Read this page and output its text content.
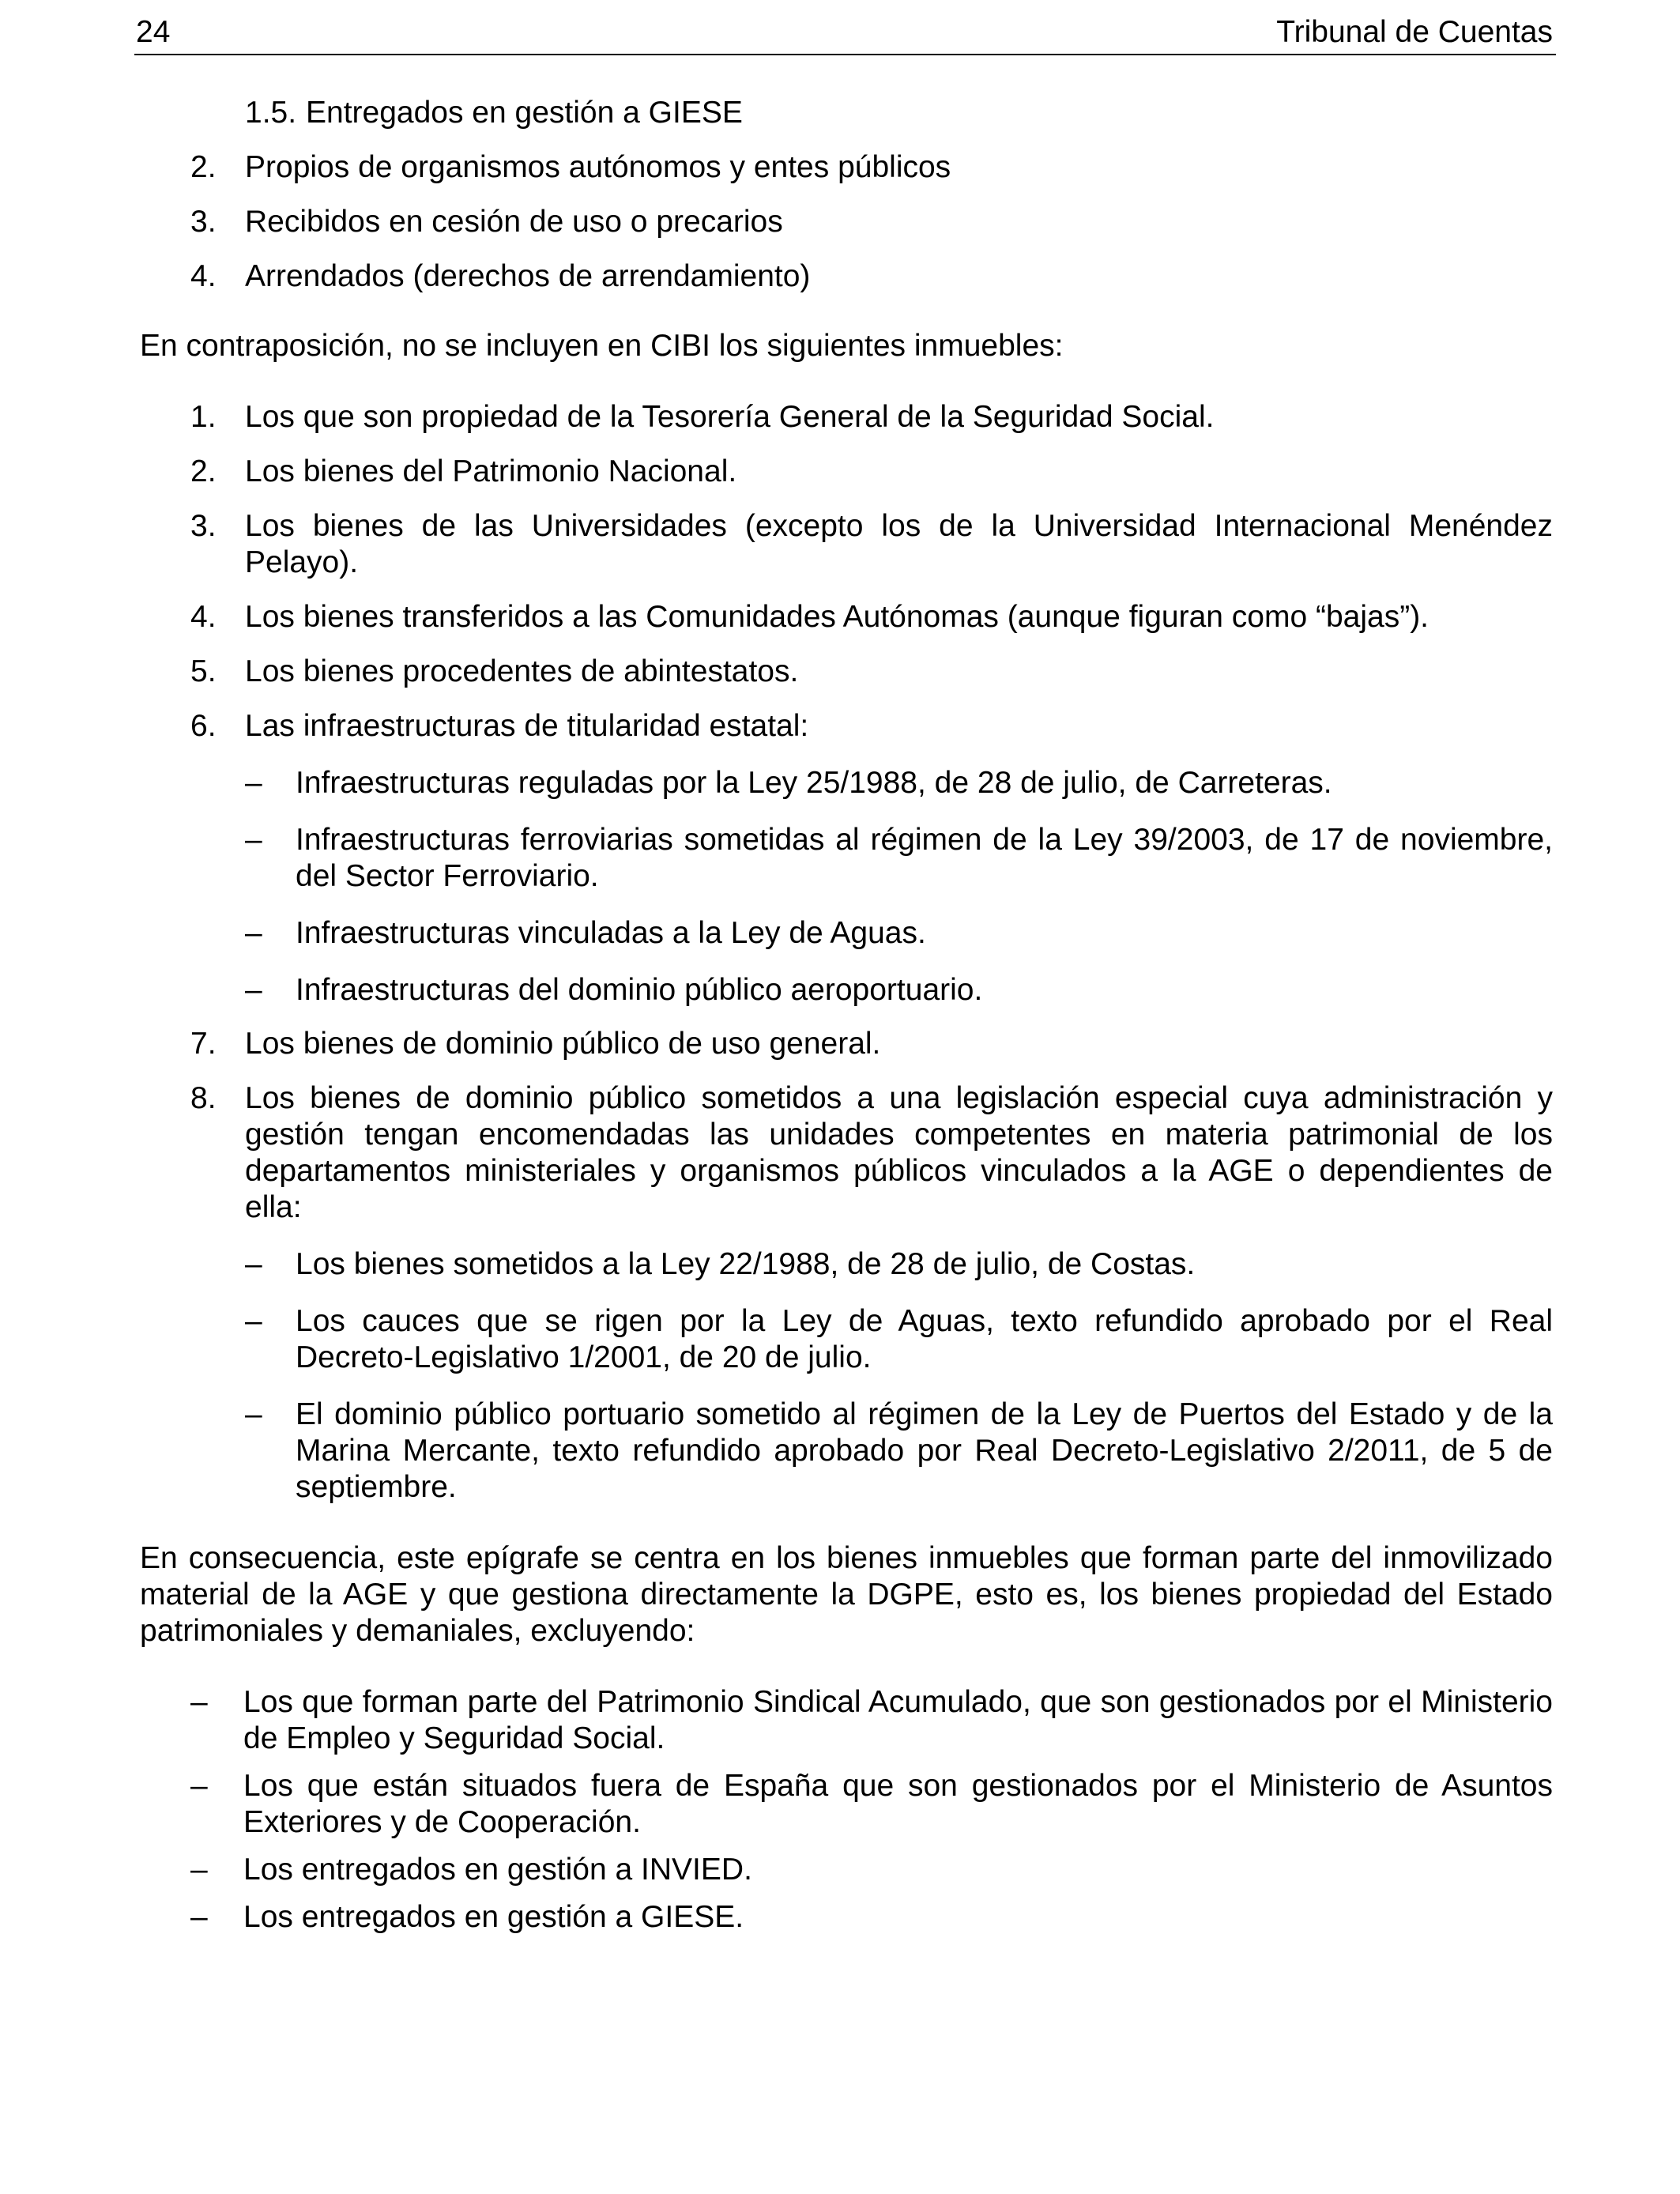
24	Tribunal de Cuentas
1.5. Entregados en gestión a GIESE
2. Propios de organismos autónomos y entes públicos
3. Recibidos en cesión de uso o precarios
4. Arrendados (derechos de arrendamiento)

En contraposición, no se incluyen en CIBI los siguientes inmuebles:

1. Los que son propiedad de la Tesorería General de la Seguridad Social.
2. Los bienes del Patrimonio Nacional.
3. Los bienes de las Universidades (excepto los de la Universidad Internacional Menéndez Pelayo).
4. Los bienes transferidos a las Comunidades Autónomas (aunque figuran como “bajas”).
5. Los bienes procedentes de abintestatos.
6. Las infraestructuras de titularidad estatal:
– Infraestructuras reguladas por la Ley 25/1988, de 28 de julio, de Carreteras.
– Infraestructuras ferroviarias sometidas al régimen de la Ley 39/2003, de 17 de noviembre, del Sector Ferroviario.
– Infraestructuras vinculadas a la Ley de Aguas.
– Infraestructuras del dominio público aeroportuario.
7. Los bienes de dominio público de uso general.
8. Los bienes de dominio público sometidos a una legislación especial cuya administración y gestión tengan encomendadas las unidades competentes en materia patrimonial de los departamentos ministeriales y organismos públicos vinculados a la AGE o dependientes de ella:
– Los bienes sometidos a la Ley 22/1988, de 28 de julio, de Costas.
– Los cauces que se rigen por la Ley de Aguas, texto refundido aprobado por el Real Decreto-Legislativo 1/2001, de 20 de julio.
– El dominio público portuario sometido al régimen de la Ley de Puertos del Estado y de la Marina Mercante, texto refundido aprobado por Real Decreto-Legislativo 2/2011, de 5 de septiembre.

En consecuencia, este epígrafe se centra en los bienes inmuebles que forman parte del inmovilizado material de la AGE y que gestiona directamente la DGPE, esto es, los bienes propiedad del Estado patrimoniales y demaniales, excluyendo:

– Los que forman parte del Patrimonio Sindical Acumulado, que son gestionados por el Ministerio de Empleo y Seguridad Social.
– Los que están situados fuera de España que son gestionados por el Ministerio de Asuntos Exteriores y de Cooperación.
– Los entregados en gestión a INVIED.
– Los entregados en gestión a GIESE.
